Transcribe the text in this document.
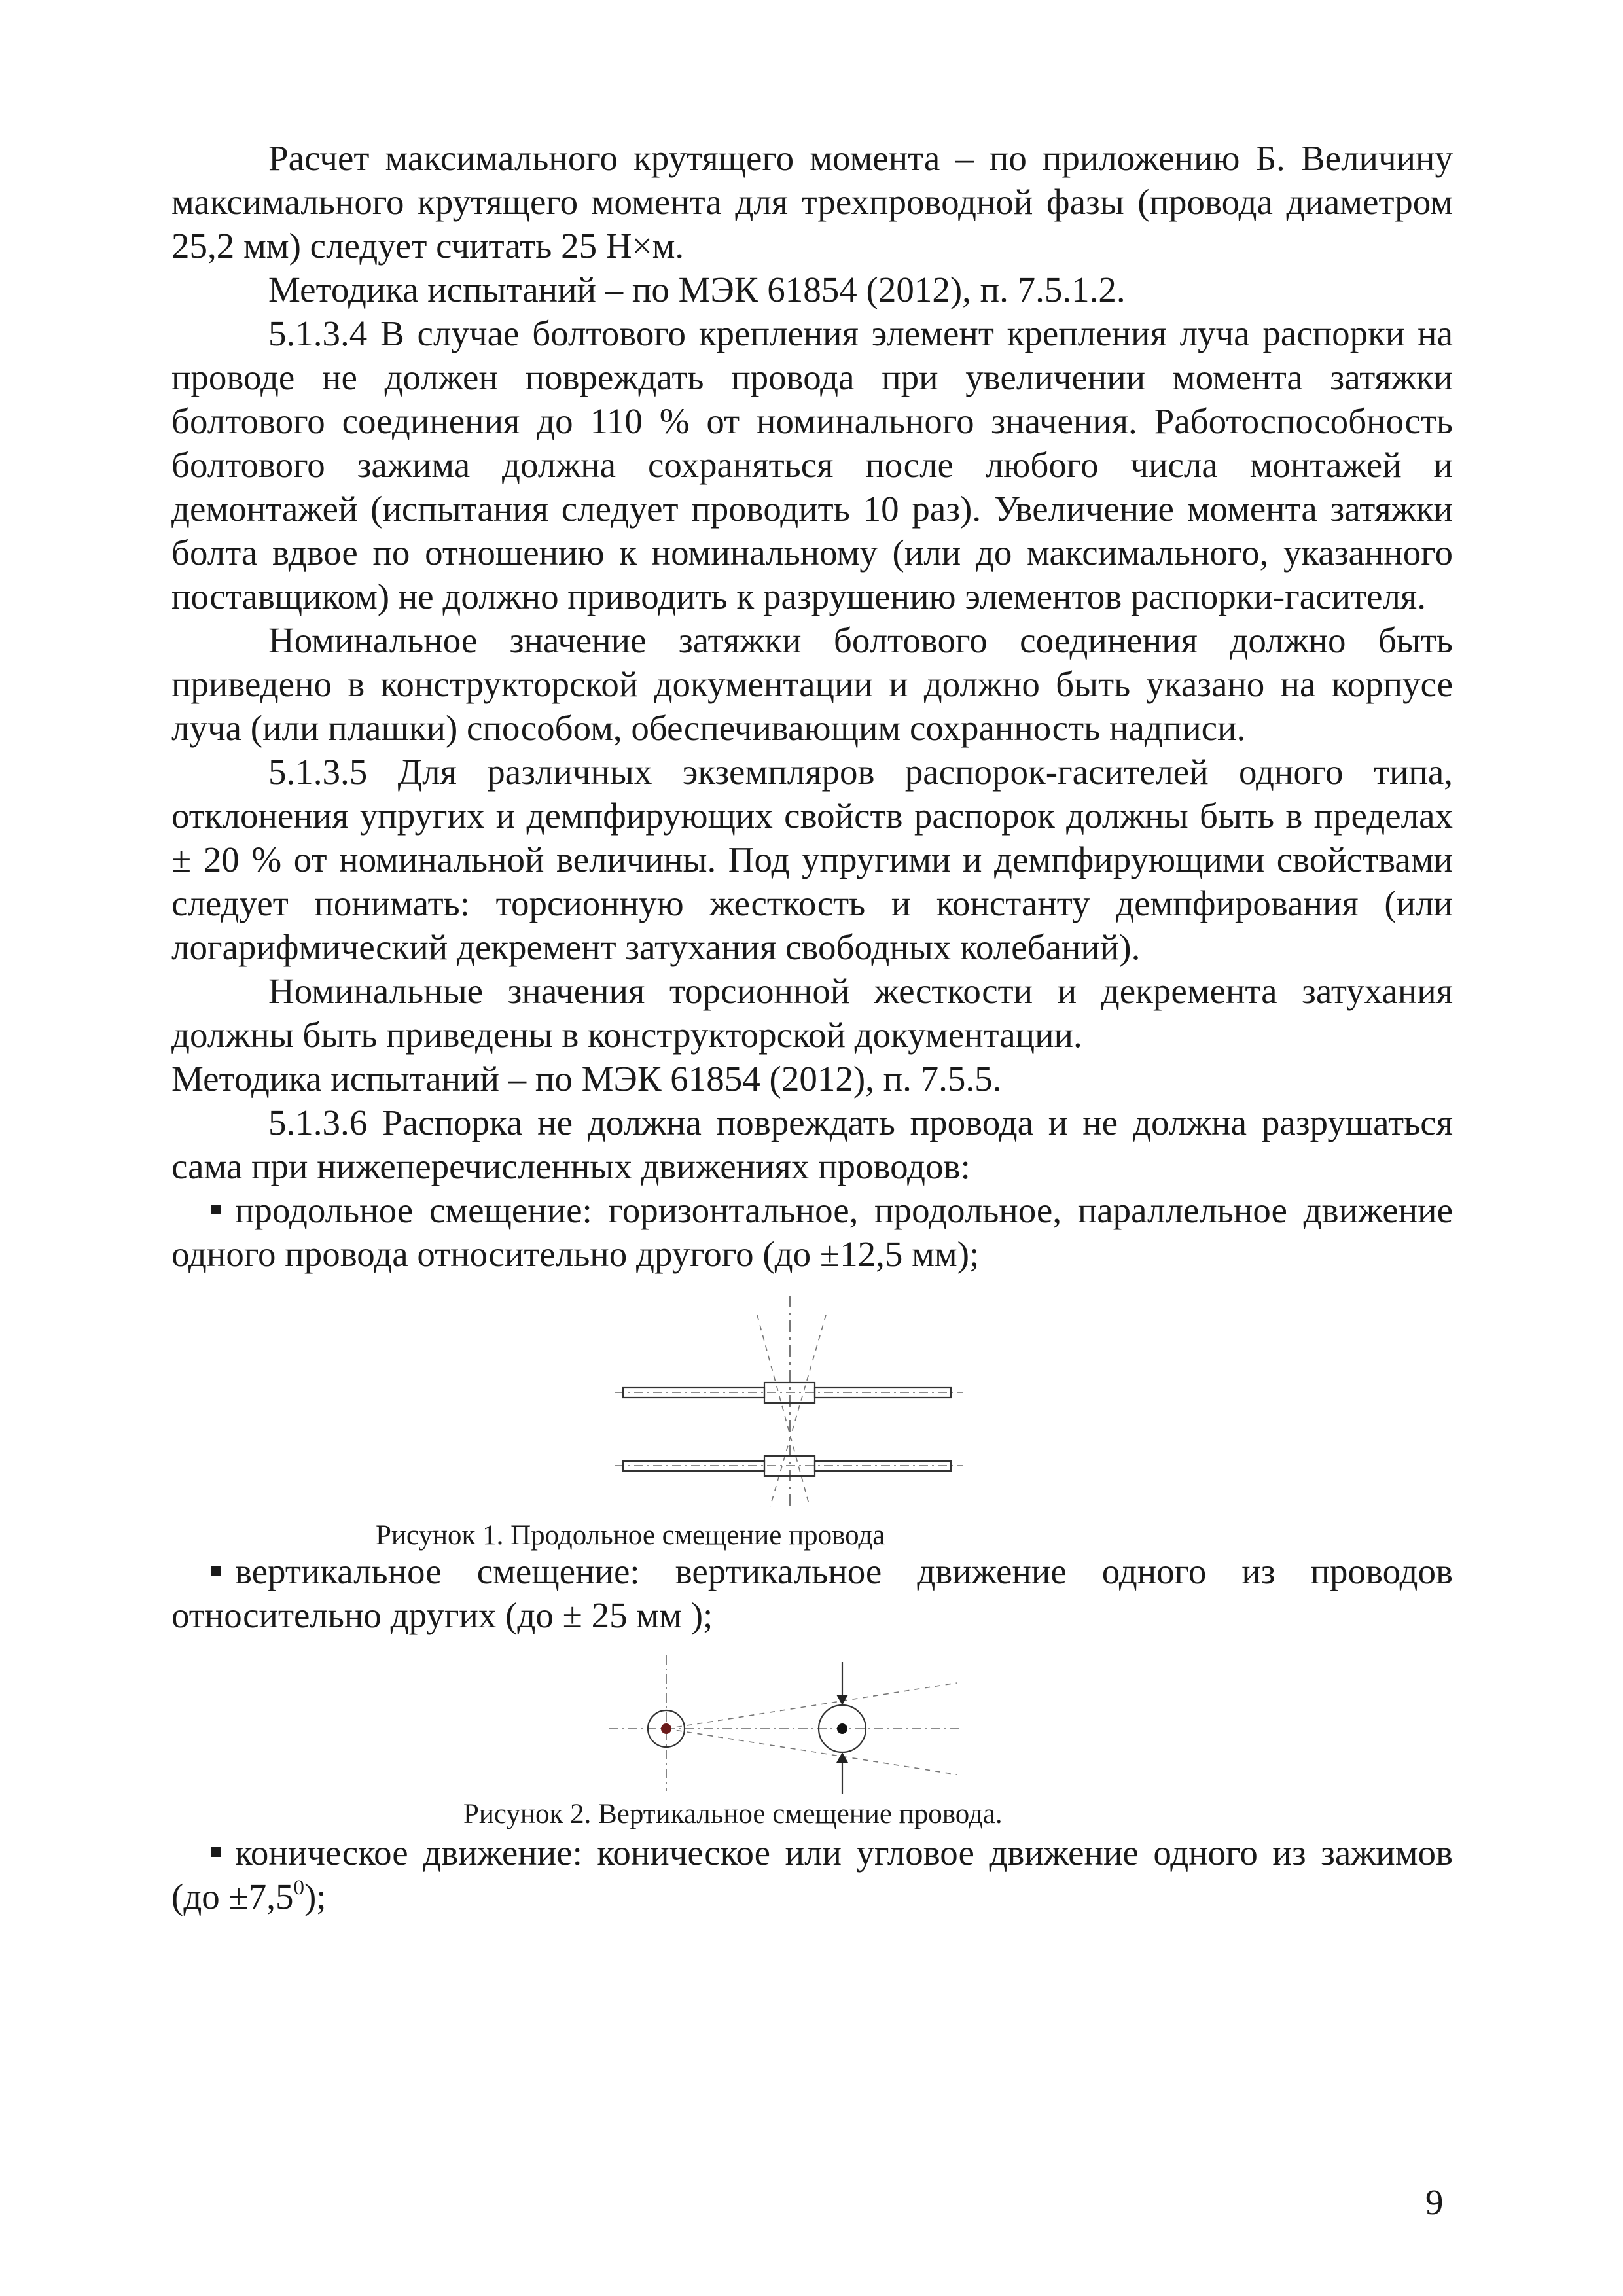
Расчет максимального крутящего момента – по приложению Б. Величину максимального крутящего момента для трехпроводной фазы (провода диаметром 25,2 мм) следует считать 25 Н×м.

Методика испытаний – по МЭК 61854 (2012), п. 7.5.1.2.

5.1.3.4 В случае болтового крепления элемент крепления луча распорки на проводе не должен повреждать провода при увеличении момента затяжки болтового соединения до 110 % от номинального значения. Работоспособность болтового зажима должна сохраняться после любого числа монтажей и демонтажей (испытания следует проводить 10 раз). Увеличение момента затяжки болта вдвое по отношению к номинальному (или до максимального, указанного поставщиком) не должно приводить к разрушению элементов распорки-гасителя.

Номинальное значение затяжки болтового соединения должно быть приведено в конструкторской документации и должно быть указано на корпусе луча (или плашки) способом, обеспечивающим сохранность надписи.

5.1.3.5 Для различных экземпляров распорок-гасителей одного типа, отклонения упругих и демпфирующих свойств распорок должны быть в пределах ± 20 % от номинальной величины. Под упругими и демпфирующими свойствами следует понимать: торсионную жесткость и константу демпфирования (или логарифмический декремент затухания свободных колебаний).

Номинальные значения торсионной жесткости и декремента затухания должны быть приведены в конструкторской документации.

Методика испытаний – по МЭК 61854 (2012), п. 7.5.5.

5.1.3.6 Распорка не должна повреждать провода и не должна разрушаться сама при нижеперечисленных движениях проводов:

продольное смещение: горизонтальное, продольное, параллельное движение одного провода относительно другого (до ±12,5 мм);

Рисунок 1. Продольное смещение провода

вертикальное смещение: вертикальное движение одного из проводов относительно других (до ± 25 мм );

Рисунок 2. Вертикальное смещение провода.

коническое движение: коническое или угловое движение одного из зажимов $(до \pm 7,5^0)$;

9
